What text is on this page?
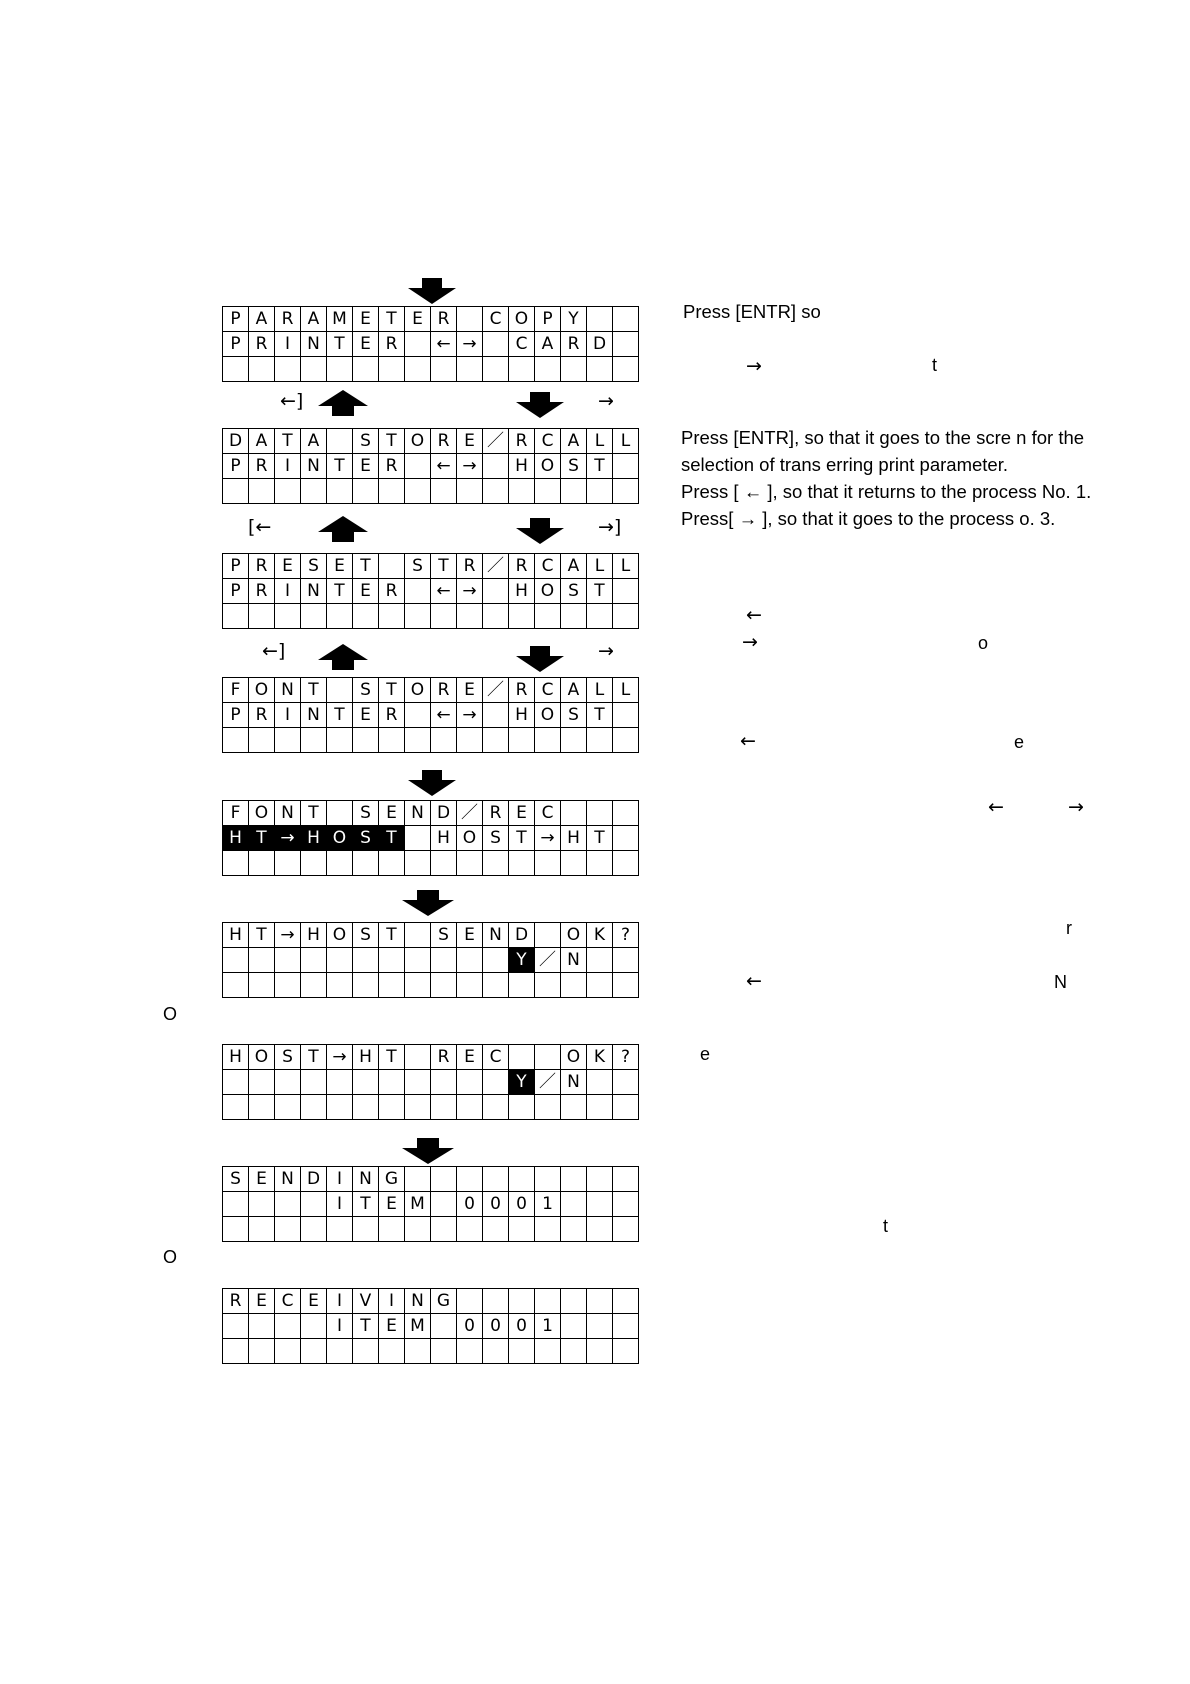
P	A	R	A	M	E	T	E	R		C	O	P	Y		
P	R	I	N	T	E	R		←	→		C	A	R	D	

D	A	T	A		S	T	O	R	E	／	R	C	A	L	L
P	R	I	N	T	E	R		←	→		H	O	S	T	

P	R	E	S	E	T		S	T	R	／	R	C	A	L	L
P	R	I	N	T	E	R		←	→		H	O	S	T	

F	O	N	T		S	T	O	R	E	／	R	C	A	L	L
P	R	I	N	T	E	R		←	→		H	O	S	T	

F	O	N	T		S	E	N	D	／	R	E	C			
H	T	→	H	O	S	T		H	O	S	T	→	H	T	

H	T	→	H	O	S	T		S	E	N	D		O	K	?
											Y	／	N		

H	O	S	T	→	H	T		R	E	C			O	K	?
											Y	／	N		

S	E	N	D	I	N	G									
				I	T	E	M		0	0	0	1			

R	E	C	E	I	V	I	N	G							
				I	T	E	M		0	0	0	1			

←]	→
[←	→]
←]	→
Press [ENTR] so
→	t
Press [ENTR], so that it goes to the scre n for the
selection of trans erring print parameter.
Press [ ← ], so that it returns to the process No. 1.
Press[ → ], so that it goes to the process o. 3.
←
→	o
←	e
←	→
r
←	N
O
e
t
O
